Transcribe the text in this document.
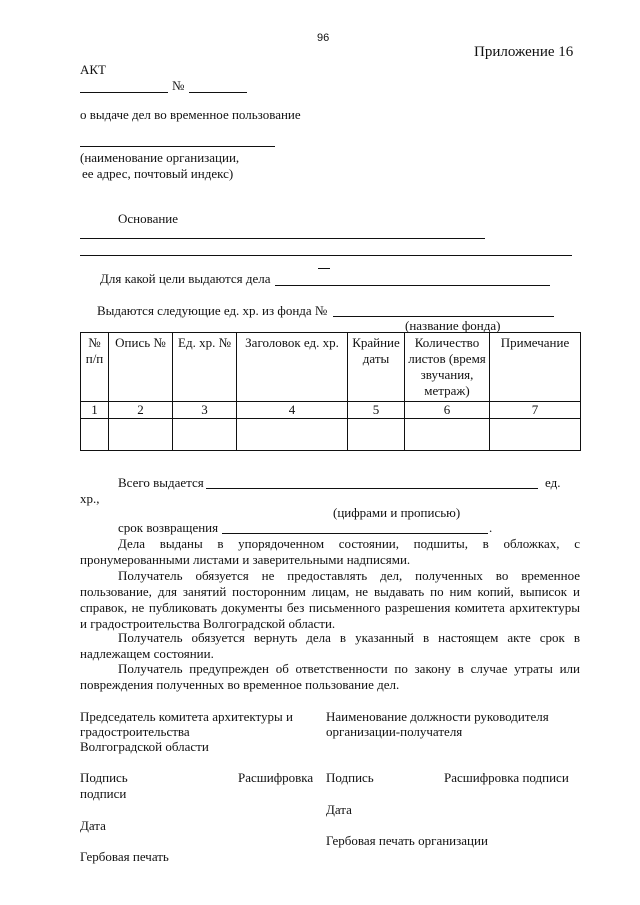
96
Приложение 16
АКТ
№
о выдаче дел во временное пользование
(наименование организации,
ее адрес, почтовый индекс)
Основание
Для какой цели выдаются дела
Выдаются следующие ед. хр. из фонда №
(название фонда)
№ п/п	Опись №	Ед. хр. №	Заголовок ед. хр.	Крайние даты	Количество листов (время звучания, метраж)	Примечание
1	2	3	4	5	6	7

Всего выдается	ед.
хр.,
(цифрами и прописью)
срок возвращения	.
Дела выданы в упорядоченном состоянии, подшиты, в обложках, с пронумерованными листами и заверительными надписями.
Получатель обязуется не предоставлять дел, полученных во временное пользование, для занятий посторонним лицам, не выдавать по ним копий, выписок и справок, не публиковать документы без письменного разрешения комитета архитектуры и градостроительства Волгоградской области.
Получатель обязуется вернуть дела в указанный в настоящем акте срок в надлежащем состоянии.
Получатель предупрежден об ответственности по закону в случае утраты или повреждения полученных во временное пользование дел.
Председатель комитета архитектуры и
градостроительства
Волгоградской области
Подпись	Расшифровка
подписи
Дата
Гербовая печать
Наименование должности руководителя
организации-получателя
Подпись	Расшифровка подписи
Дата
Гербовая печать организации
